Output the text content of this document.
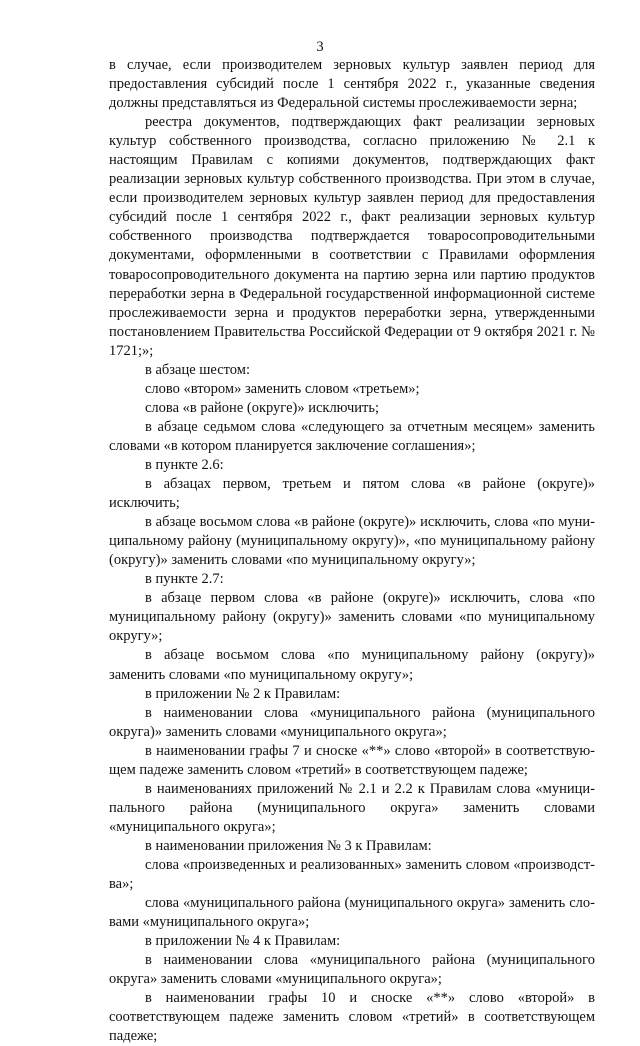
3

в случае, если производителем зерновых культур заявлен период для предоставления субсидий после 1 сентября 2022 г., указанные сведения должны представляться из Федеральной системы прослеживаемости зерна;

реестра документов, подтверждающих факт реализации зерновых культур собственного производства, согласно приложению № 2.1 к настоящим Правилам с копиями документов, подтверждающих факт реализации зерновых культур собственного производства. При этом в случае, если производителем зерновых культур заявлен период для предоставления субсидий после 1 сентября 2022 г., факт реализации зерновых культур собственного производства подтверждается товаросопроводительными документами, оформленными в соответствии с Правилами оформления товаросопроводительного документа на партию зерна или партию продуктов переработки зерна в Федеральной государственной информационной системе прослеживаемости зерна и продуктов переработки зерна, утвержденными постановлением Правительства Российской Федерации от 9 октября 2021 г. № 1721;»;

в абзаце шестом:

слово «втором» заменить словом «третьем»;

слова «в районе (округе)» исключить;

в абзаце седьмом слова «следующего за отчетным месяцем» заменить словами «в котором планируется заключение соглашения»;

в пункте 2.6:

в абзацах первом, третьем и пятом слова «в районе (округе)» исключить;

в абзаце восьмом слова «в районе (округе)» исключить, слова «по муниципальному району (муниципальному округу)», «по муниципальному району (округу)» заменить словами «по муниципальному округу»;

в пункте 2.7:

в абзаце первом слова «в районе (округе)» исключить, слова «по муниципальному району (округу)» заменить словами «по муниципальному округу»;

в абзаце восьмом слова «по муниципальному району (округу)» заменить словами «по муниципальному округу»;

в приложении № 2 к Правилам:

в наименовании слова «муниципального района (муниципального округа)» заменить словами «муниципального округа»;

в наименовании графы 7 и сноске «**» слово «второй» в соответствующем падеже заменить словом «третий» в соответствующем падеже;

в наименованиях приложений № 2.1 и 2.2 к Правилам слова «муниципального района (муниципального округа» заменить словами «муниципального округа»;

в наименовании приложения № 3 к Правилам:

слова «произведенных и реализованных» заменить словом «производства»;

слова «муниципального района (муниципального округа» заменить словами «муниципального округа»;

в приложении № 4 к Правилам:

в наименовании слова «муниципального района (муниципального округа» заменить словами «муниципального округа»;

в наименовании графы 10 и сноске «**» слово «второй» в соответствующем падеже заменить словом «третий» в соответствующем падеже;
